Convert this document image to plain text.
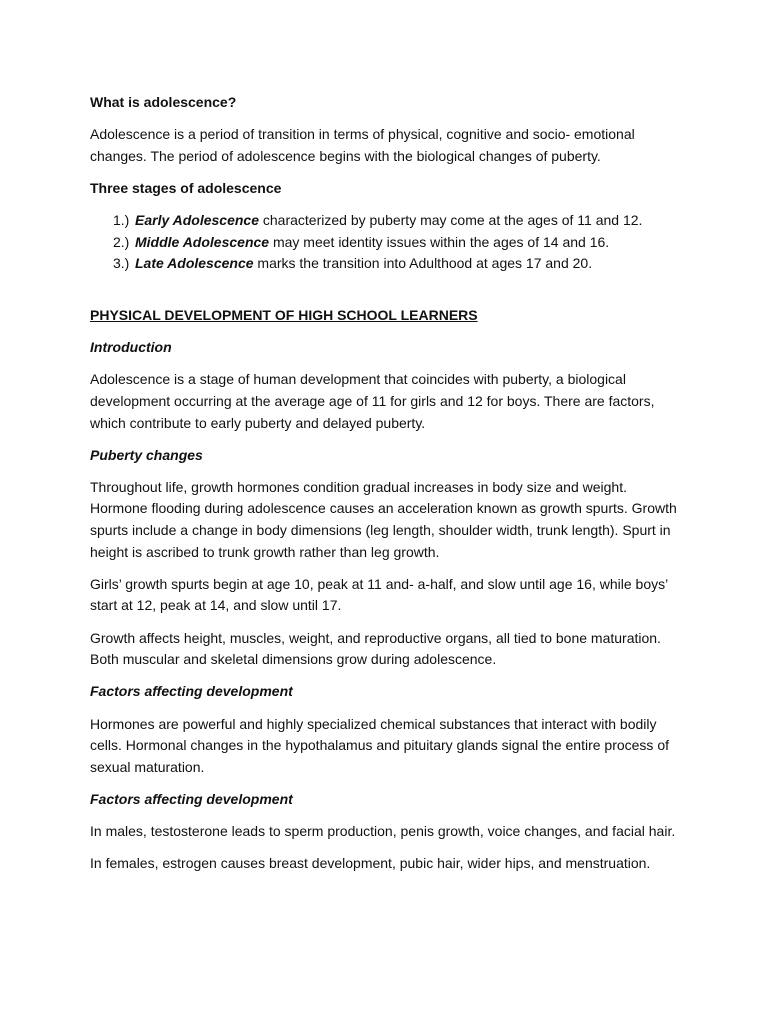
What is adolescence?

Adolescence is a period of transition in terms of physical, cognitive and socio- emotional changes. The period of adolescence begins with the biological changes of puberty.

Three stages of adolescence

1.) Early Adolescence characterized by puberty may come at the ages of 11 and 12.
2.) Middle Adolescence may meet identity issues within the ages of 14 and 16.
3.) Late Adolescence marks the transition into Adulthood at ages 17 and 20.

PHYSICAL DEVELOPMENT OF HIGH SCHOOL LEARNERS

Introduction

Adolescence is a stage of human development that coincides with puberty, a biological development occurring at the average age of 11 for girls and 12 for boys. There are factors, which contribute to early puberty and delayed puberty.

Puberty changes

Throughout life, growth hormones condition gradual increases in body size and weight. Hormone flooding during adolescence causes an acceleration known as growth spurts. Growth spurts include a change in body dimensions (leg length, shoulder width, trunk length). Spurt in height is ascribed to trunk growth rather than leg growth.

Girls’ growth spurts begin at age 10, peak at 11 and- a-half, and slow until age 16, while boys’ start at 12, peak at 14, and slow until 17.

Growth affects height, muscles, weight, and reproductive organs, all tied to bone maturation. Both muscular and skeletal dimensions grow during adolescence.

Factors affecting development

Hormones are powerful and highly specialized chemical substances that interact with bodily cells. Hormonal changes in the hypothalamus and pituitary glands signal the entire process of sexual maturation.

Factors affecting development

In males, testosterone leads to sperm production, penis growth, voice changes, and facial hair.

In females, estrogen causes breast development, pubic hair, wider hips, and menstruation.
